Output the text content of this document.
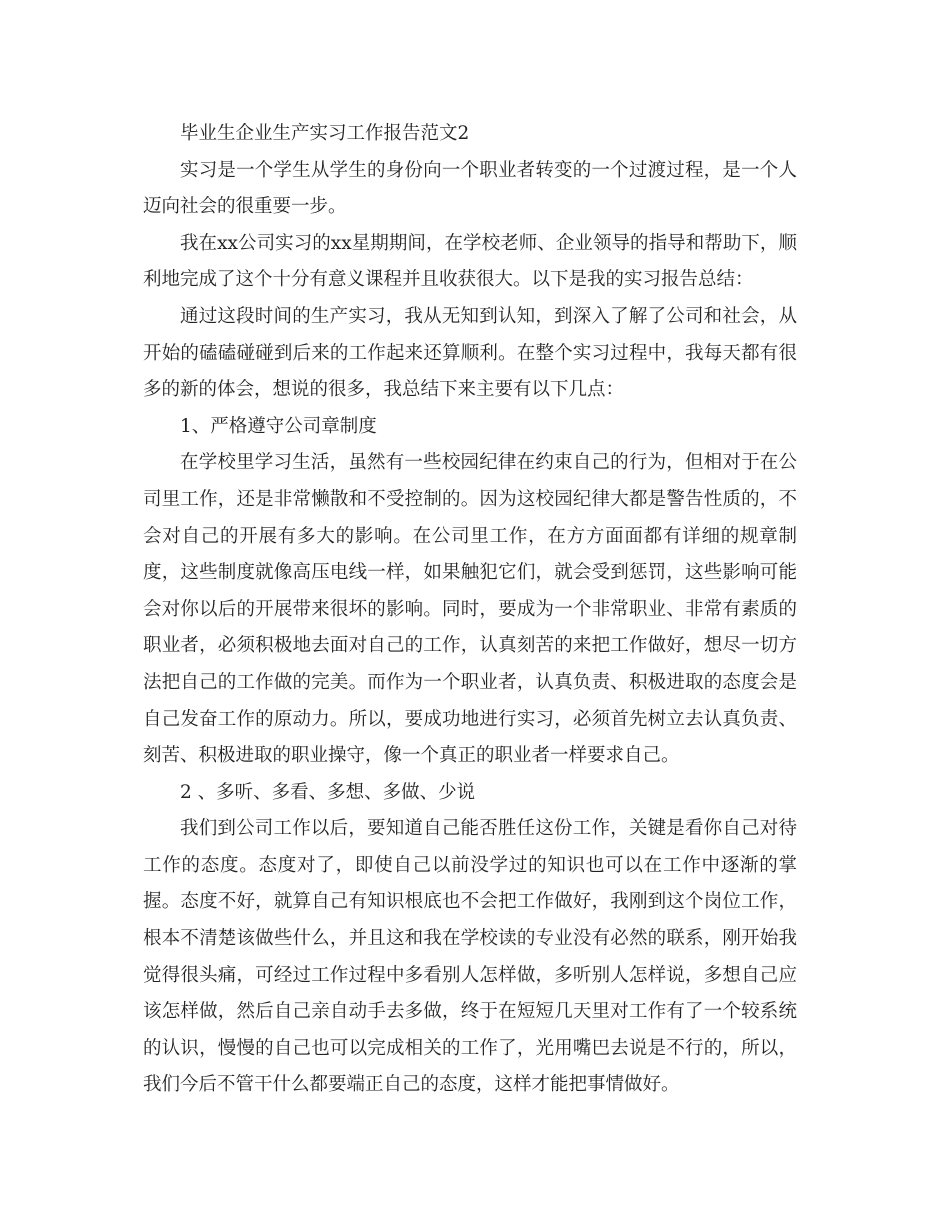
毕业生企业生产实习工作报告范文2

实习是一个学生从学生的身份向一个职业者转变的一个过渡过程，是一个人迈向社会的很重要一步。

我在xx公司实习的xx星期期间，在学校老师、企业领导的指导和帮助下，顺利地完成了这个十分有意义课程并且收获很大。以下是我的实习报告总结：

通过这段时间的生产实习，我从无知到认知，到深入了解了公司和社会，从开始的磕磕碰碰到后来的工作起来还算顺利。在整个实习过程中，我每天都有很多的新的体会，想说的很多，我总结下来主要有以下几点：

1、严格遵守公司章制度

在学校里学习生活，虽然有一些校园纪律在约束自己的行为，但相对于在公司里工作，还是非常懒散和不受控制的。因为这校园纪律大都是警告性质的，不会对自己的开展有多大的影响。在公司里工作，在方方面面都有详细的规章制度，这些制度就像高压电线一样，如果触犯它们，就会受到惩罚，这些影响可能会对你以后的开展带来很坏的影响。同时，要成为一个非常职业、非常有素质的职业者，必须积极地去面对自己的工作，认真刻苦的来把工作做好，想尽一切方法把自己的工作做的完美。而作为一个职业者，认真负责、积极进取的态度会是自己发奋工作的原动力。所以，要成功地进行实习，必须首先树立去认真负责、刻苦、积极进取的职业操守，像一个真正的职业者一样要求自己。

2 、多听、多看、多想、多做、少说

我们到公司工作以后，要知道自己能否胜任这份工作，关键是看你自己对待工作的态度。态度对了，即使自己以前没学过的知识也可以在工作中逐渐的掌握。态度不好，就算自己有知识根底也不会把工作做好，我刚到这个岗位工作，根本不清楚该做些什么，并且这和我在学校读的专业没有必然的联系，刚开始我觉得很头痛，可经过工作过程中多看别人怎样做，多听别人怎样说，多想自己应该怎样做，然后自己亲自动手去多做，终于在短短几天里对工作有了一个较系统的认识，慢慢的自己也可以完成相关的工作了，光用嘴巴去说是不行的，所以，我们今后不管干什么都要端正自己的态度，这样才能把事情做好。
